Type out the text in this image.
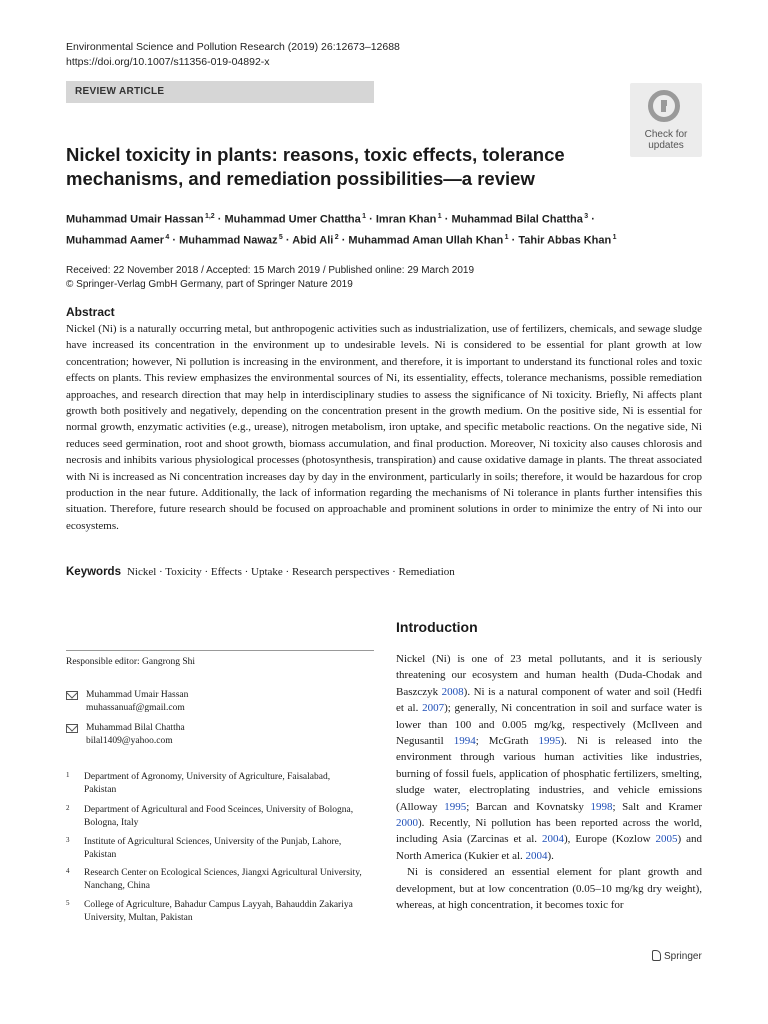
Environmental Science and Pollution Research (2019) 26:12673–12688
https://doi.org/10.1007/s11356-019-04892-x
REVIEW ARTICLE
Check for
updates
Nickel toxicity in plants: reasons, toxic effects, tolerance mechanisms, and remediation possibilities—a review
Muhammad Umair Hassan $^{1,2}$ · Muhammad Umer Chattha $^1$ · Imran Khan $^1$ · Muhammad Bilal Chattha $^3$ ·
Muhammad Aamer $^4$ · Muhammad Nawaz $^5$ · Abid Ali $^2$ · Muhammad Aman Ullah Khan $^1$ · Tahir Abbas Khan $^1$
Received: 22 November 2018 / Accepted: 15 March 2019 / Published online: 29 March 2019
© Springer-Verlag GmbH Germany, part of Springer Nature 2019
Abstract
Nickel (Ni) is a naturally occurring metal, but anthropogenic activities such as industrialization, use of fertilizers, chemicals, and sewage sludge have increased its concentration in the environment up to undesirable levels. Ni is considered to be essential for plant growth at low concentration; however, Ni pollution is increasing in the environment, and therefore, it is important to understand its functional roles and toxic effects on plants. This review emphasizes the environmental sources of Ni, its essentiality, effects, tolerance mechanisms, possible remediation approaches, and research direction that may help in interdisciplinary studies to assess the significance of Ni toxicity. Briefly, Ni affects plant growth both positively and negatively, depending on the concentration present in the growth medium. On the positive side, Ni is essential for normal growth, enzymatic activities (e.g., urease), nitrogen metabolism, iron uptake, and specific metabolic reactions. On the negative side, Ni reduces seed germination, root and shoot growth, biomass accumulation, and final production. Moreover, Ni toxicity also causes chlorosis and necrosis and inhibits various physiological processes (photosynthesis, transpiration) and cause oxidative damage in plants. The threat associated with Ni is increased as Ni concentration increases day by day in the environment, particularly in soils; therefore, it would be hazardous for crop production in the near future. Additionally, the lack of information regarding the mechanisms of Ni tolerance in plants further intensifies this situation. Therefore, future research should be focused on approachable and prominent solutions in order to minimize the entry of Ni into our ecosystems.
Keywords Nickel · Toxicity · Effects · Uptake · Research perspectives · Remediation
Responsible editor: Gangrong Shi
Muhammad Umair Hassan
muhassanuaf@gmail.com
Muhammad Bilal Chattha
bilal1409@yahoo.com
1 Department of Agronomy, University of Agriculture, Faisalabad, Pakistan
2 Department of Agricultural and Food Sceinces, University of Bologna, Bologna, Italy
3 Institute of Agricultural Sciences, University of the Punjab, Lahore, Pakistan
4 Research Center on Ecological Sciences, Jiangxi Agricultural University, Nanchang, China
5 College of Agriculture, Bahadur Campus Layyah, Bahauddin Zakariya University, Multan, Pakistan
Introduction
Nickel (Ni) is one of 23 metal pollutants, and it is seriously threatening our ecosystem and human health (Duda-Chodak and Baszczyk 2008). Ni is a natural component of water and soil (Hedfi et al. 2007); generally, Ni concentration in soil and surface water is lower than 100 and 0.005 mg/kg, respectively (McIlveen and Negusantil 1994; McGrath 1995). Ni is released into the environment through various human activities like industries, burning of fossil fuels, application of phosphatic fertilizers, smelting, sludge water, electroplating industries, and vehicle emissions (Alloway 1995; Barcan and Kovnatsky 1998; Salt and Kramer 2000). Recently, Ni pollution has been reported across the world, including Asia (Zarcinas et al. 2004), Europe (Kozlow 2005) and North America (Kukier et al. 2004).
Ni is considered an essential element for plant growth and development, but at low concentration (0.05–10 mg/kg dry weight), whereas, at high concentration, it becomes toxic for
Springer
